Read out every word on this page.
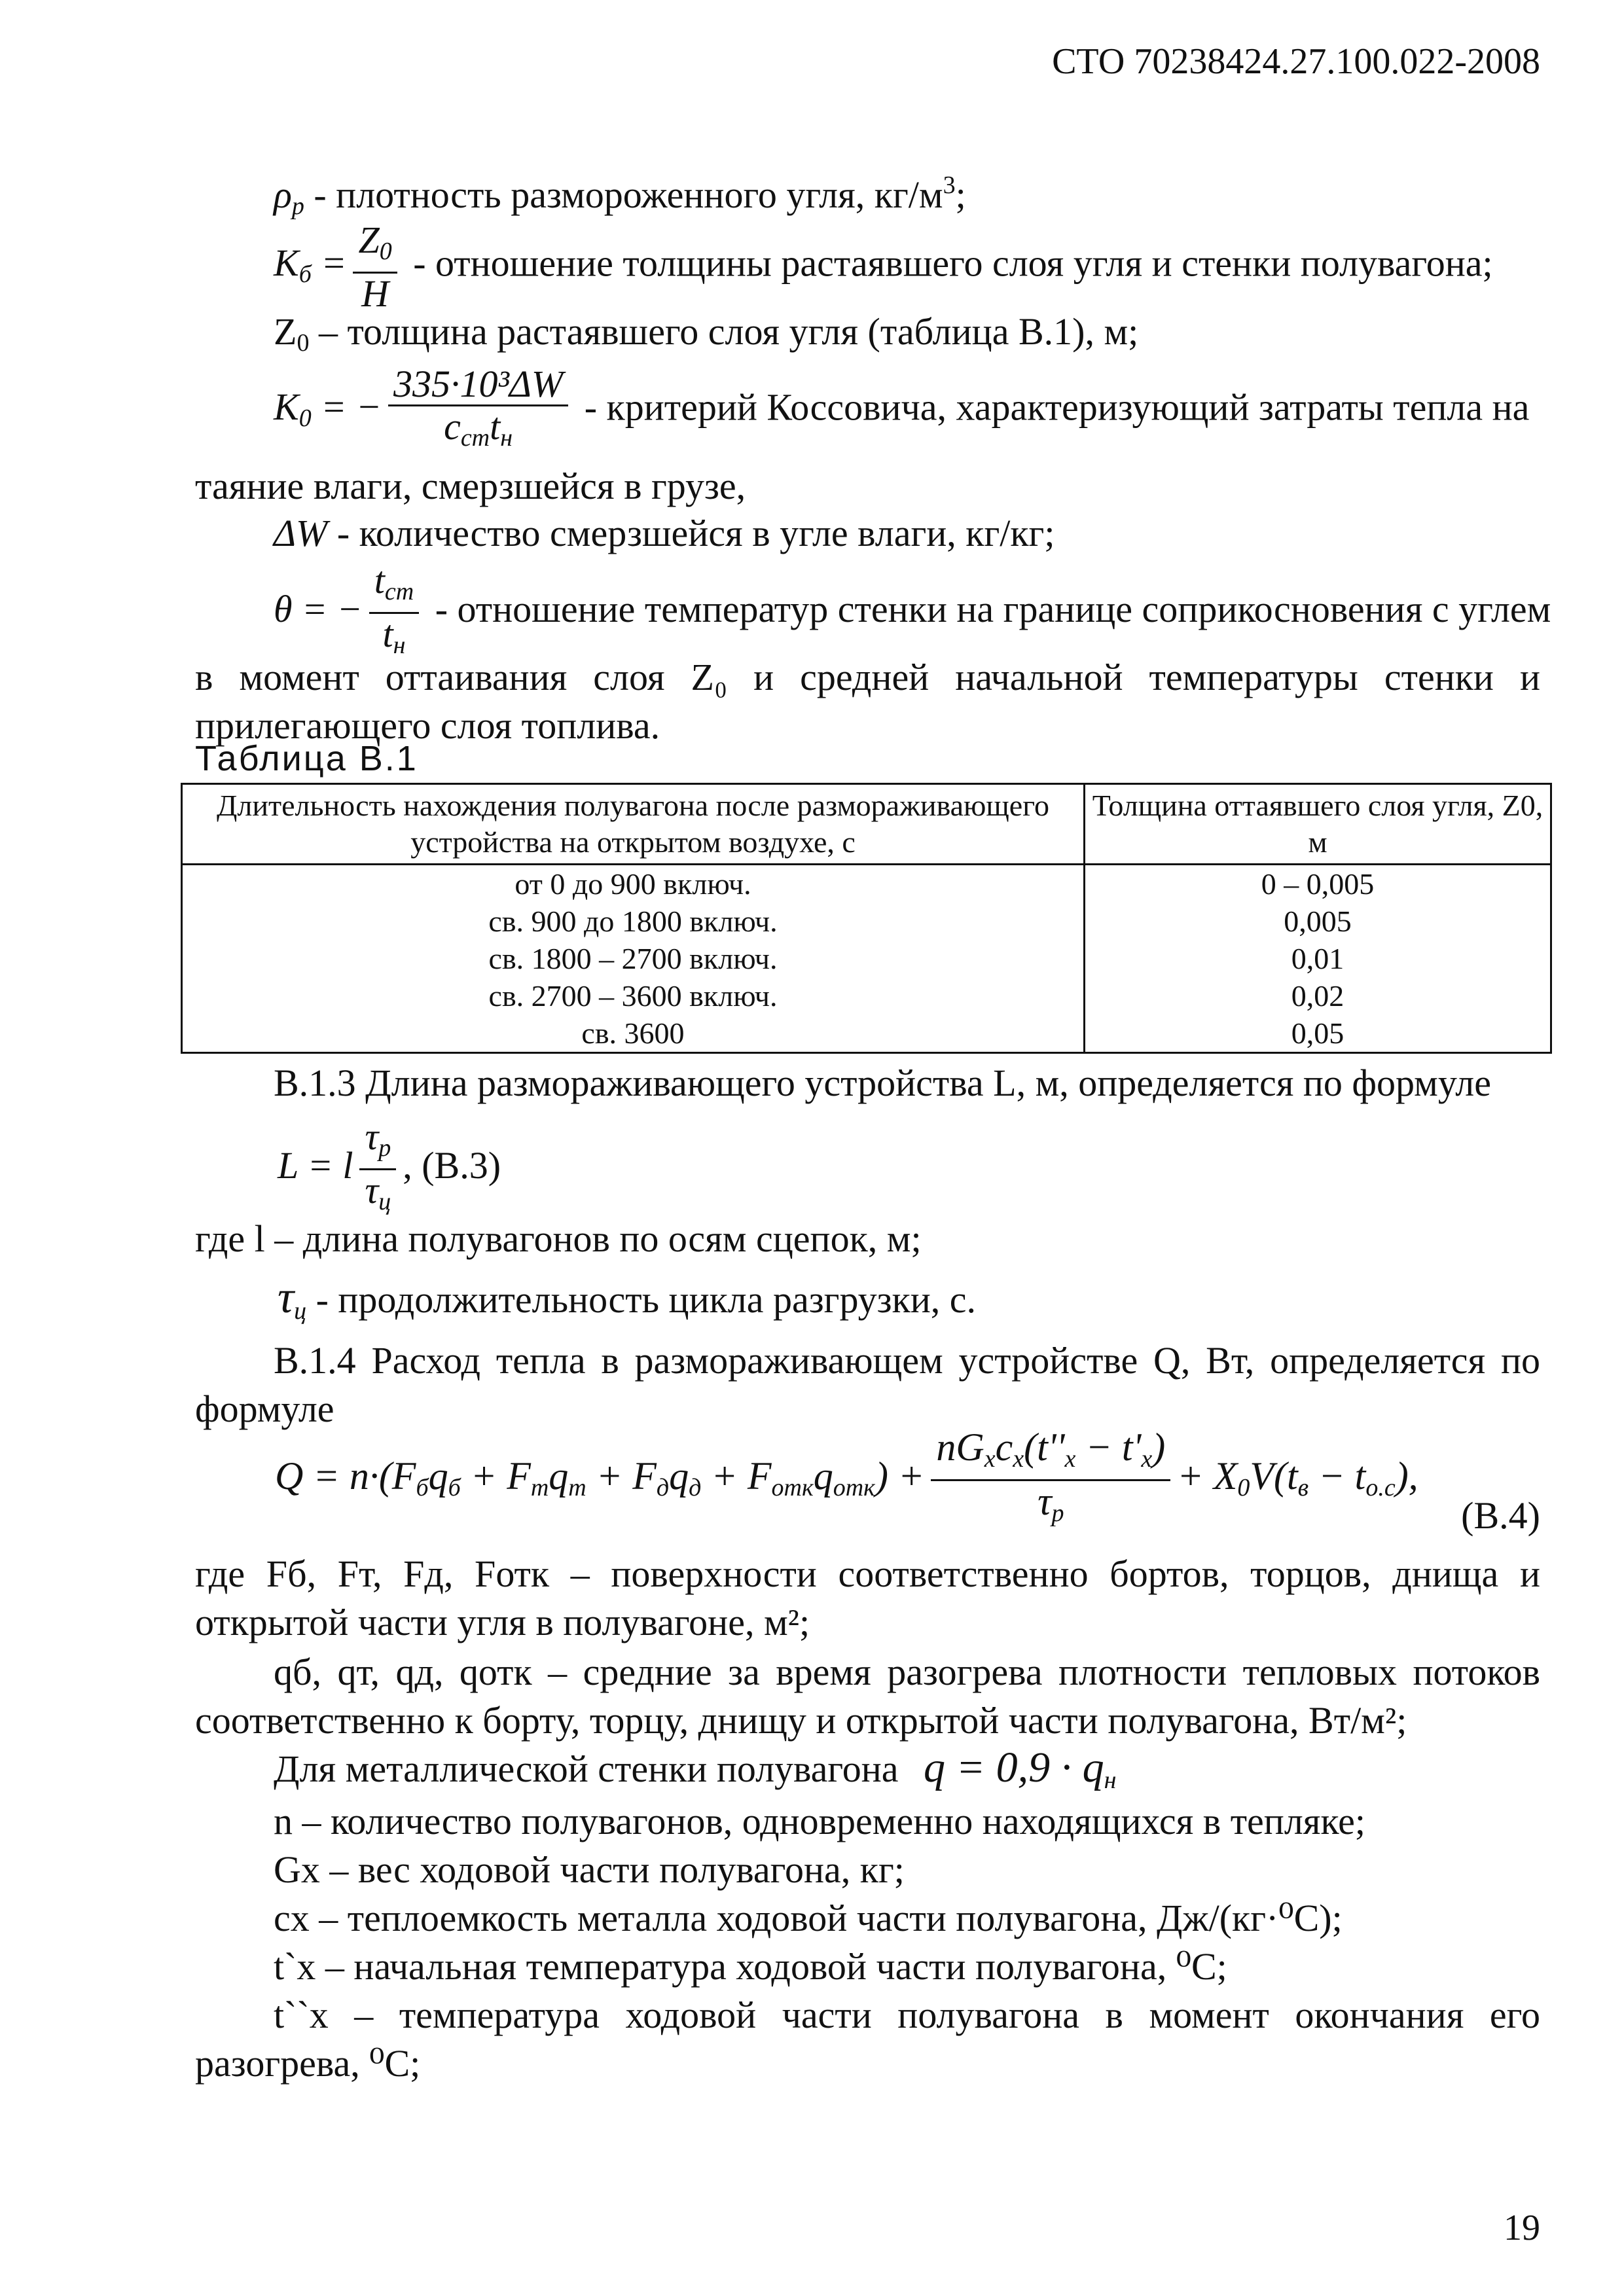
СТО 70238424.27.100.022-2008
$\rho_р$ - плотность размороженного угля, $кг/м^3$;
$K_б = \frac{Z_0}{H}$ - отношение толщины растаявшего слоя угля и стенки полувагона;
$Z_0$ – толщина растаявшего слоя угля (таблица В.1), м;
$K_0$ = − $\frac{\text{335·10³ΔW}}{c_{ст}t_н}$ - критерий Коссовича, характеризующий затраты тепла на
таяние влаги, смерзшейся в грузе,
ΔW - количество смерзшейся в угле влаги, кг/кг;
θ = − $\frac{t_{ст}}{t_н}$ - отношение температур стенки на границе соприкосновения с углем
в момент оттаивания слоя Z₀ и средней начальной температуры стенки и прилегающего слоя топлива.
Таблица В.1
Длительность нахождения полувагона после размораживающего устройства на открытом воздухе, с	Толщина оттаявшего слоя угля, Z0, м
от 0 до 900 включ.	0 – 0,005
св. 900 до 1800 включ.	0,005
св. 1800 – 2700 включ.	0,01
св. 2700 – 3600 включ.	0,02
св. 3600	0,05
В.1.3 Длина размораживающего устройства L, м, определяется по формуле
L = l $\frac{\tau_р}{\tau_ц}$ , (В.3)
где l – длина полувагонов по осям сцепок, м;
$\tau_ц$ - продолжительность цикла разгрузки, с.
В.1.4 Расход тепла в размораживающем устройстве Q, Вт, определяется по формуле
$Q = n\cdot(F_бq_б + F_тq_т + F_дq_д + F_{отк}q_{отк}) + \frac{nG_xc_x(t''_x - t'_x)}{\tau_р} + X_0V(t_в - t_{о.с})$,
(В.4)
где Fб, Fт, Fд, Fотк – поверхности соответственно бортов, торцов, днища и открытой части угля в полувагоне, м²;
qб, qт, qд, qотк – средние за время разогрева плотности тепловых потоков соответственно к борту, торцу, днищу и открытой части полувагона, Вт/м²;
Для металлической стенки полувагона $q = 0,9 \cdot q_н$
n – количество полувагонов, одновременно находящихся в тепляке;
Gх – вес ходовой части полувагона, кг;
cх – теплоемкость металла ходовой части полувагона, Дж/(кг·⁰С);
t`х – начальная температура ходовой части полувагона, ⁰С;
t``х – температура ходовой части полувагона в момент окончания его разогрева, ⁰С;
19
